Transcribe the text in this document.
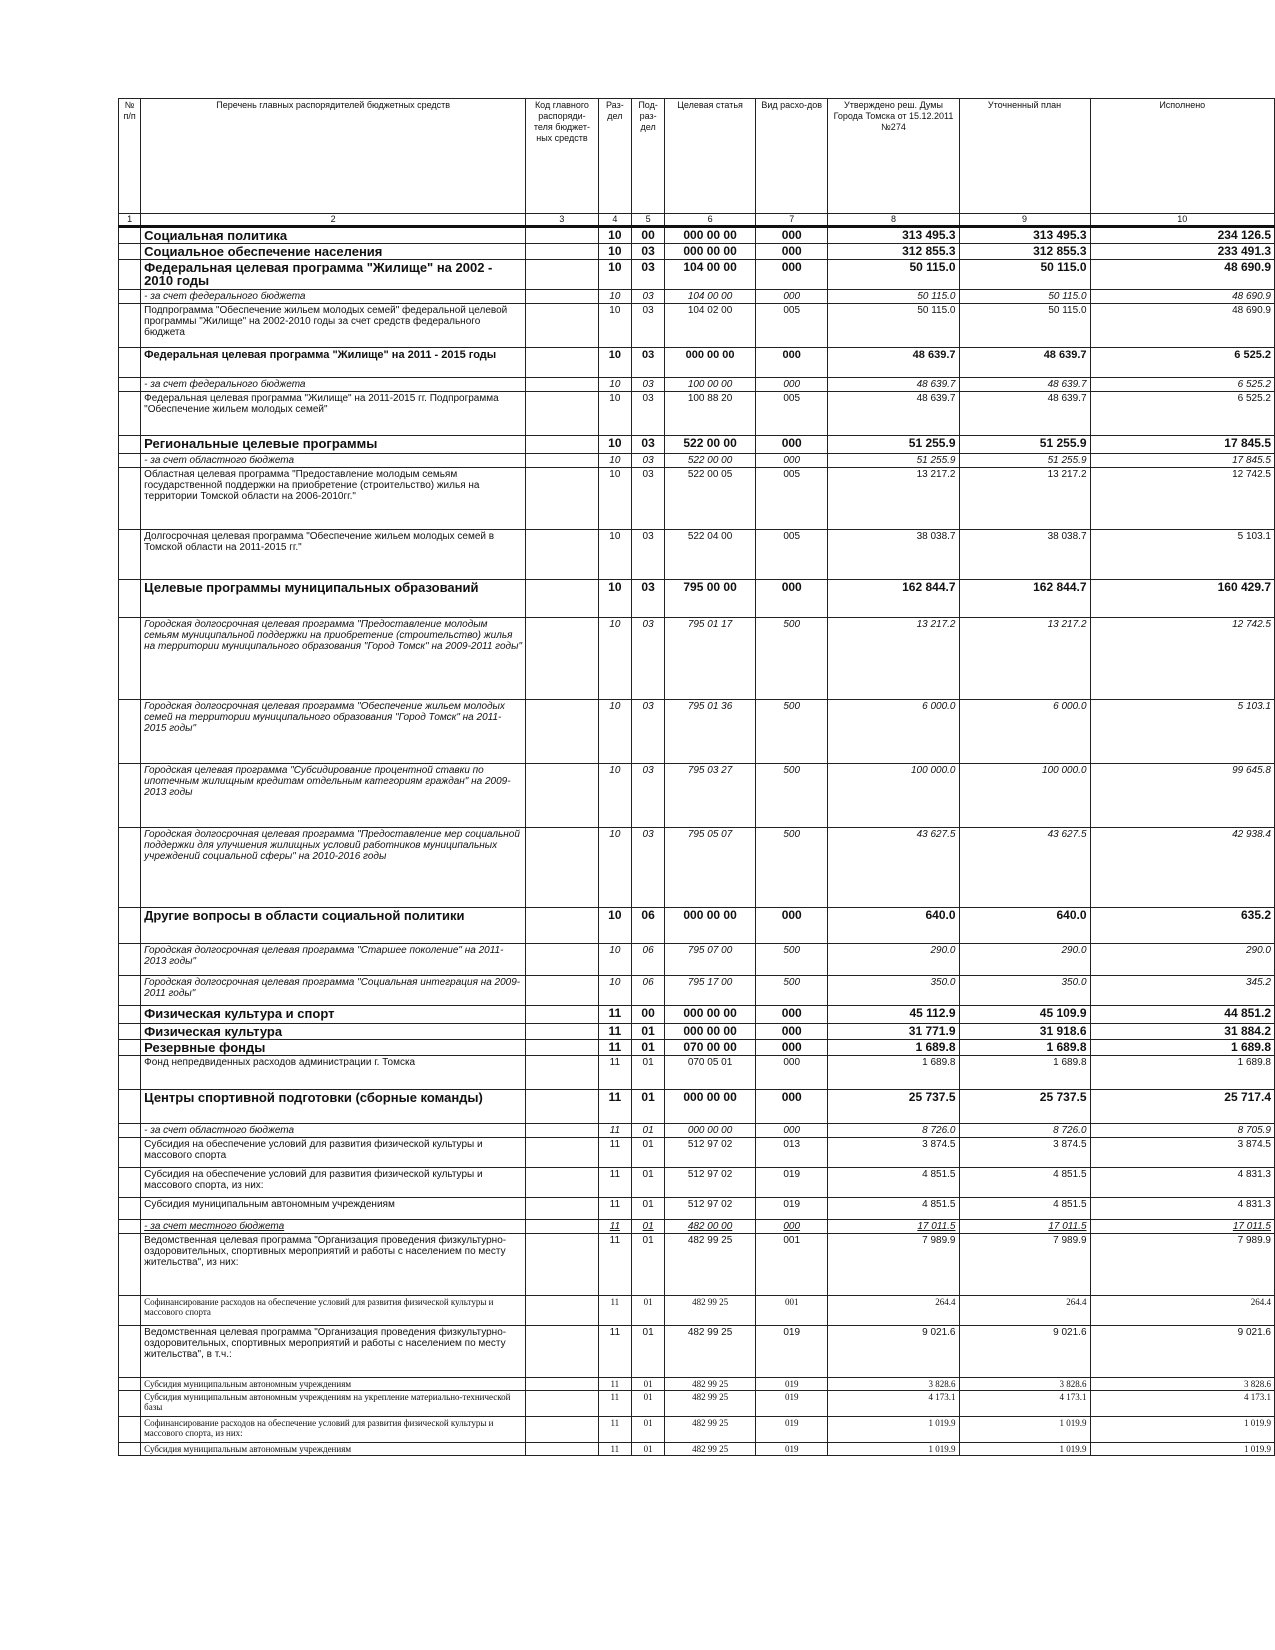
№ п/п	Перечень главных распорядителей бюджетных средств	Код главного распоряди-теля бюджет-ных средств	Раз-дел	Под-раз-дел	Целевая статья	Вид расхо-дов	Утверждено реш. Думы Города Томска от 15.12.2011 №274	Уточненный план	Исполнено
1	2	3	4	5	6	7	8	9	10
	Социальная политика		10	00	000 00 00	000	313 495.3	313 495.3	234 126.5
	Социальное обеспечение населения		10	03	000 00 00	000	312 855.3	312 855.3	233 491.3
	Федеральная целевая программа "Жилище" на 2002 - 2010 годы		10	03	104 00 00	000	50 115.0	50 115.0	48 690.9
	- за счет федерального бюджета		10	03	104 00 00	000	50 115.0	50 115.0	48 690.9
	Подпрограмма "Обеспечение жильем молодых семей" федеральной целевой программы "Жилище" на 2002-2010 годы за счет средств федерального бюджета		10	03	104 02 00	005	50 115.0	50 115.0	48 690.9
	Федеральная целевая программа "Жилище" на 2011 - 2015 годы		10	03	000 00 00	000	48 639.7	48 639.7	6 525.2
	- за счет федерального бюджета		10	03	100 00 00	000	48 639.7	48 639.7	6 525.2
	Федеральная целевая программа "Жилище" на 2011-2015 гг. Подпрограмма "Обеспечение жильем молодых семей"		10	03	100 88 20	005	48 639.7	48 639.7	6 525.2
	Региональные целевые программы		10	03	522 00 00	000	51 255.9	51 255.9	17 845.5
	- за счет областного бюджета		10	03	522 00 00	000	51 255.9	51 255.9	17 845.5
	Областная целевая программа "Предоставление молодым семьям государственной поддержки на приобретение (строительство) жилья на территории Томской области на 2006-2010гг."		10	03	522 00 05	005	13 217.2	13 217.2	12 742.5
	Долгосрочная целевая программа "Обеспечение жильем молодых семей в Томской области на 2011-2015 гг."		10	03	522 04 00	005	38 038.7	38 038.7	5 103.1
	Целевые программы муниципальных образований		10	03	795 00 00	000	162 844.7	162 844.7	160 429.7
	Городская долгосрочная целевая программа "Предоставление молодым семьям муниципальной поддержки на приобретение (строительство) жилья на территории муниципального образования "Город Томск" на 2009-2011 годы"		10	03	795 01 17	500	13 217.2	13 217.2	12 742.5
	Городская долгосрочная целевая программа "Обеспечение жильем молодых семей на территории муниципального образования "Город Томск" на 2011-2015 годы"		10	03	795 01 36	500	6 000.0	6 000.0	5 103.1
	Городская целевая программа "Субсидирование процентной ставки по ипотечным жилищным кредитам отдельным категориям граждан" на 2009-2013 годы		10	03	795 03 27	500	100 000.0	100 000.0	99 645.8
	Городская долгосрочная целевая программа "Предоставление мер социальной поддержки для улучшения жилищных условий работников муниципальных учреждений социальной сферы" на 2010-2016 годы		10	03	795 05 07	500	43 627.5	43 627.5	42 938.4
	Другие вопросы в области социальной политики		10	06	000 00 00	000	640.0	640.0	635.2
	Городская долгосрочная целевая программа "Старшее поколение" на 2011-2013 годы"		10	06	795 07 00	500	290.0	290.0	290.0
	Городская долгосрочная целевая программа "Социальная интеграция на 2009-2011 годы"		10	06	795 17 00	500	350.0	350.0	345.2
	Физическая культура и спорт		11	00	000 00 00	000	45 112.9	45 109.9	44 851.2
	Физическая культура		11	01	000 00 00	000	31 771.9	31 918.6	31 884.2
	Резервные фонды		11	01	070 00 00	000	1 689.8	1 689.8	1 689.8
	Фонд непредвиденных расходов администрации г. Томска		11	01	070 05 01	000	1 689.8	1 689.8	1 689.8
	Центры спортивной подготовки (сборные команды)		11	01	000 00 00	000	25 737.5	25 737.5	25 717.4
	- за счет областного бюджета		11	01	000 00 00	000	8 726.0	8 726.0	8 705.9
	Субсидия на обеспечение условий для развития физической культуры и массового спорта		11	01	512 97 02	013	3 874.5	3 874.5	3 874.5
	Субсидия на обеспечение условий для развития физической культуры и массового спорта, из них:		11	01	512 97 02	019	4 851.5	4 851.5	4 831.3
	Субсидия муниципальным автономным учреждениям		11	01	512 97 02	019	4 851.5	4 851.5	4 831.3
	- за счет местного бюджета		11	01	482 00 00	000	17 011.5	17 011.5	17 011.5
	Ведомственная целевая программа "Организация проведения физкультурно-оздоровительных, спортивных мероприятий и работы с населением по месту жительства", из них:		11	01	482 99 25	001	7 989.9	7 989.9	7 989.9
	Софинансирование расходов на обеспечение условий для развития физической культуры и массового спорта		11	01	482 99 25	001	264.4	264.4	264.4
	Ведомственная целевая программа "Организация проведения физкультурно-оздоровительных, спортивных мероприятий и работы с населением по месту жительства", в т.ч.:		11	01	482 99 25	019	9 021.6	9 021.6	9 021.6
	Субсидия муниципальным автономным учреждениям		11	01	482 99 25	019	3 828.6	3 828.6	3 828.6
	Субсидия муниципальным автономным учреждениям на укрепление материально-технической базы		11	01	482 99 25	019	4 173.1	4 173.1	4 173.1
	Софинансирование расходов на обеспечение условий для развития физической культуры и массового спорта, из них:		11	01	482 99 25	019	1 019.9	1 019.9	1 019.9
	Субсидия муниципальным автономным учреждениям		11	01	482 99 25	019	1 019.9	1 019.9	1 019.9
